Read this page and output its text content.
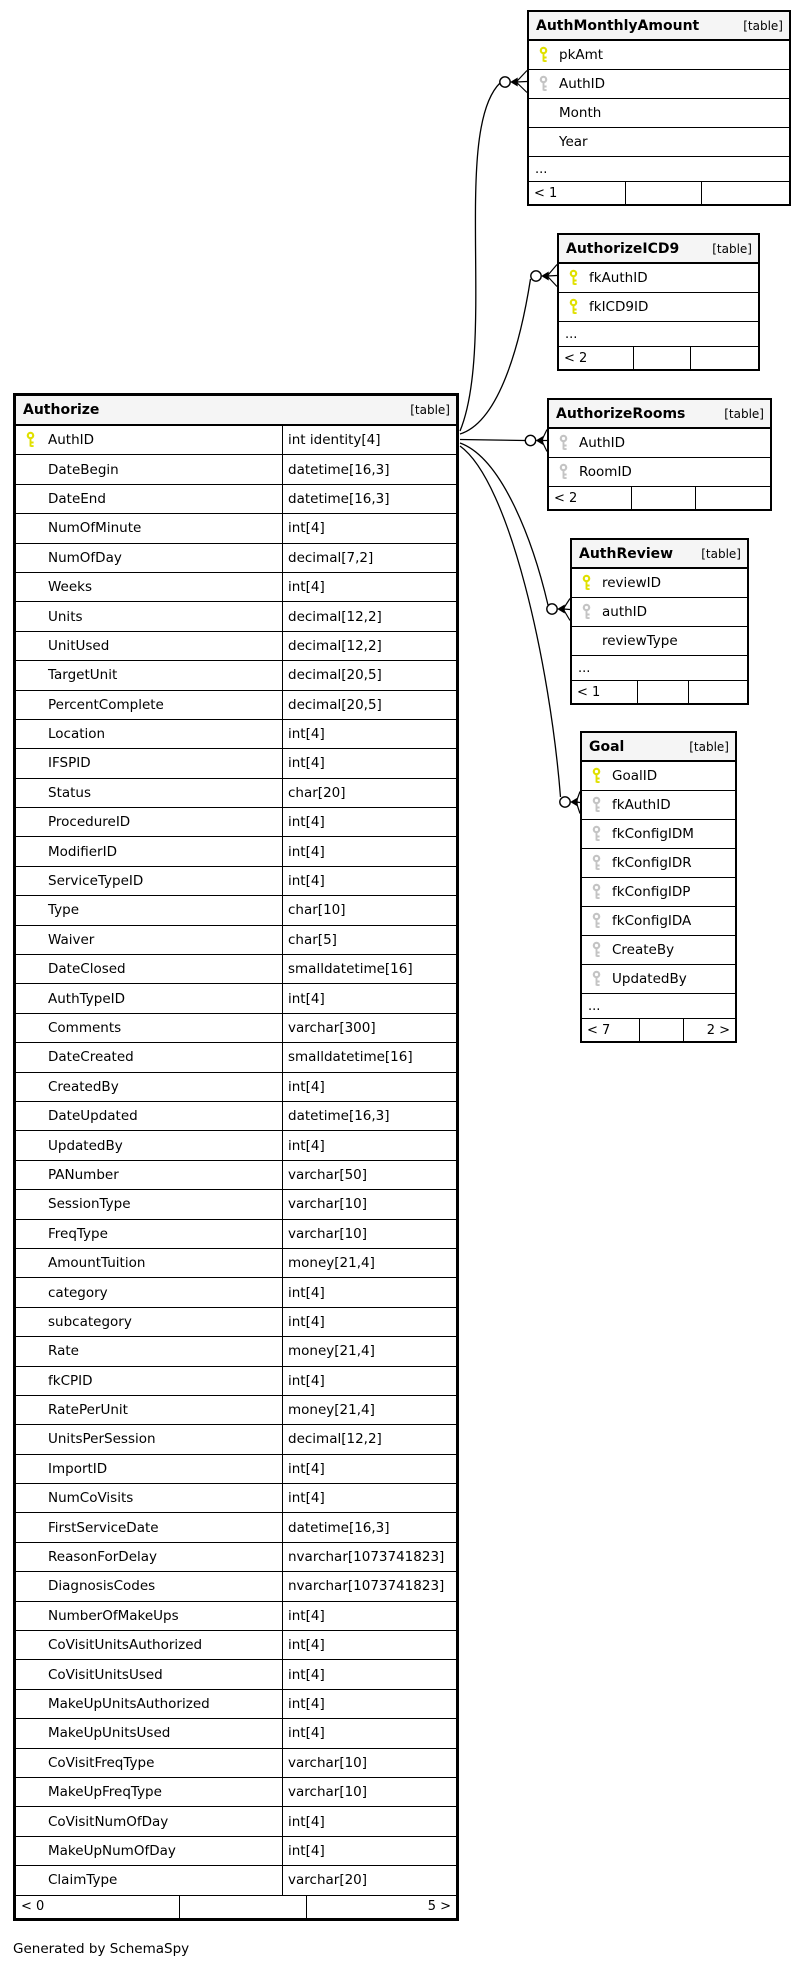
Generated by SchemaSpy
Authorize	[table]
AuthID	int identity[4]
DateBegin	datetime[16,3]
DateEnd	datetime[16,3]
NumOfMinute	int[4]
NumOfDay	decimal[7,2]
Weeks	int[4]
Units	decimal[12,2]
UnitUsed	decimal[12,2]
TargetUnit	decimal[20,5]
PercentComplete	decimal[20,5]
Location	int[4]
IFSPID	int[4]
Status	char[20]
ProcedureID	int[4]
ModifierID	int[4]
ServiceTypeID	int[4]
Type	char[10]
Waiver	char[5]
DateClosed	smalldatetime[16]
AuthTypeID	int[4]
Comments	varchar[300]
DateCreated	smalldatetime[16]
CreatedBy	int[4]
DateUpdated	datetime[16,3]
UpdatedBy	int[4]
PANumber	varchar[50]
SessionType	varchar[10]
FreqType	varchar[10]
AmountTuition	money[21,4]
category	int[4]
subcategory	int[4]
Rate	money[21,4]
fkCPID	int[4]
RatePerUnit	money[21,4]
UnitsPerSession	decimal[12,2]
ImportID	int[4]
NumCoVisits	int[4]
FirstServiceDate	datetime[16,3]
ReasonForDelay	nvarchar[1073741823]
DiagnosisCodes	nvarchar[1073741823]
NumberOfMakeUps	int[4]
CoVisitUnitsAuthorized	int[4]
CoVisitUnitsUsed	int[4]
MakeUpUnitsAuthorized	int[4]
MakeUpUnitsUsed	int[4]
CoVisitFreqType	varchar[10]
MakeUpFreqType	varchar[10]
CoVisitNumOfDay	int[4]
MakeUpNumOfDay	int[4]
ClaimType	varchar[20]
< 0	5 >
AuthMonthlyAmount	[table]
pkAmt
AuthID
Month
Year
...
< 1
AuthorizeICD9	[table]
fkAuthID
fkICD9ID
...
< 2
AuthorizeRooms	[table]
AuthID
RoomID
< 2
AuthReview [table]
reviewID
authID
reviewType
...
< 1
Goal	[table]
GoalID
fkAuthID
fkConfigIDM
fkConfigIDR
fkConfigIDP
fkConfigIDA
CreateBy
UpdatedBy
...
< 7	2 >
